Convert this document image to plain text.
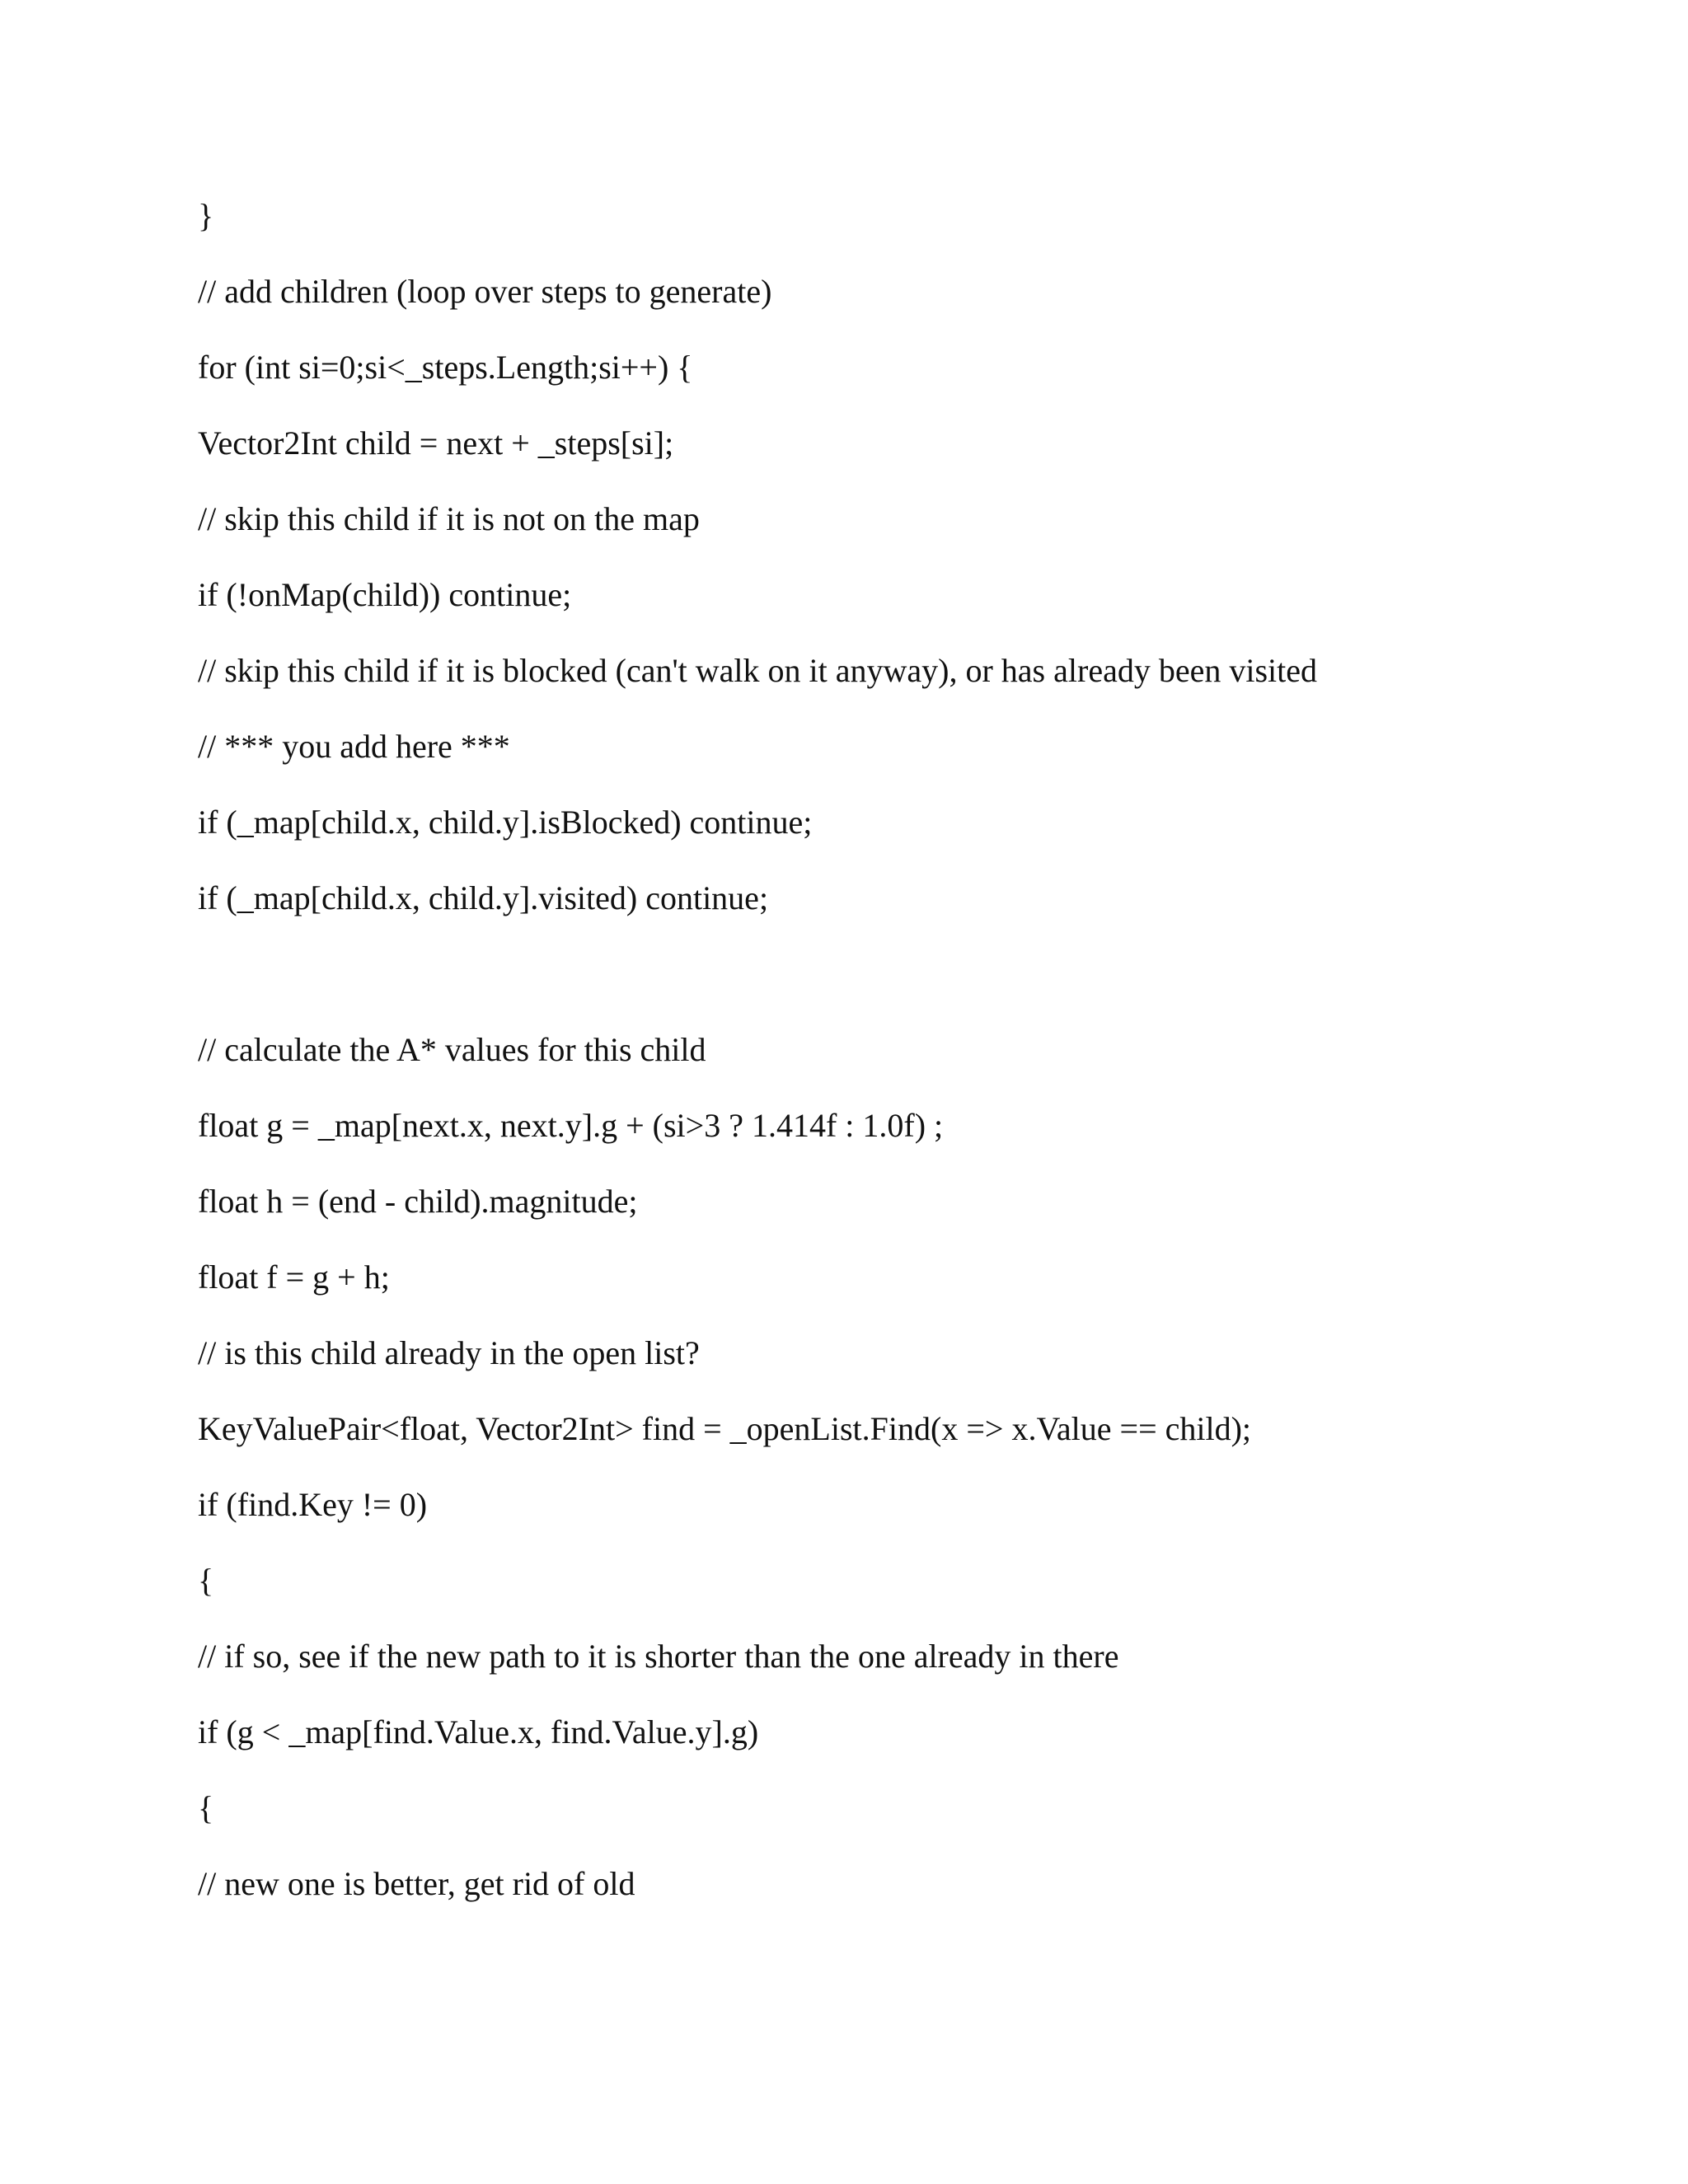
}

// add children (loop over steps to generate)

for (int si=0;si<_steps.Length;si++) {

Vector2Int child = next + _steps[si];

// skip this child if it is not on the map

if (!onMap(child)) continue;

// skip this child if it is blocked (can't walk on it anyway), or has already been visited

// *** you add here ***

if (_map[child.x, child.y].isBlocked) continue;

if (_map[child.x, child.y].visited) continue;

// calculate the A* values for this child

float g = _map[next.x, next.y].g + (si>3 ? 1.414f : 1.0f) ;

float h = (end - child).magnitude;

float f = g + h;

// is this child already in the open list?

KeyValuePair<float, Vector2Int> find = _openList.Find(x => x.Value == child);

if (find.Key != 0)

{

// if so, see if the new path to it is shorter than the one already in there

if (g < _map[find.Value.x, find.Value.y].g)

{

// new one is better, get rid of old
